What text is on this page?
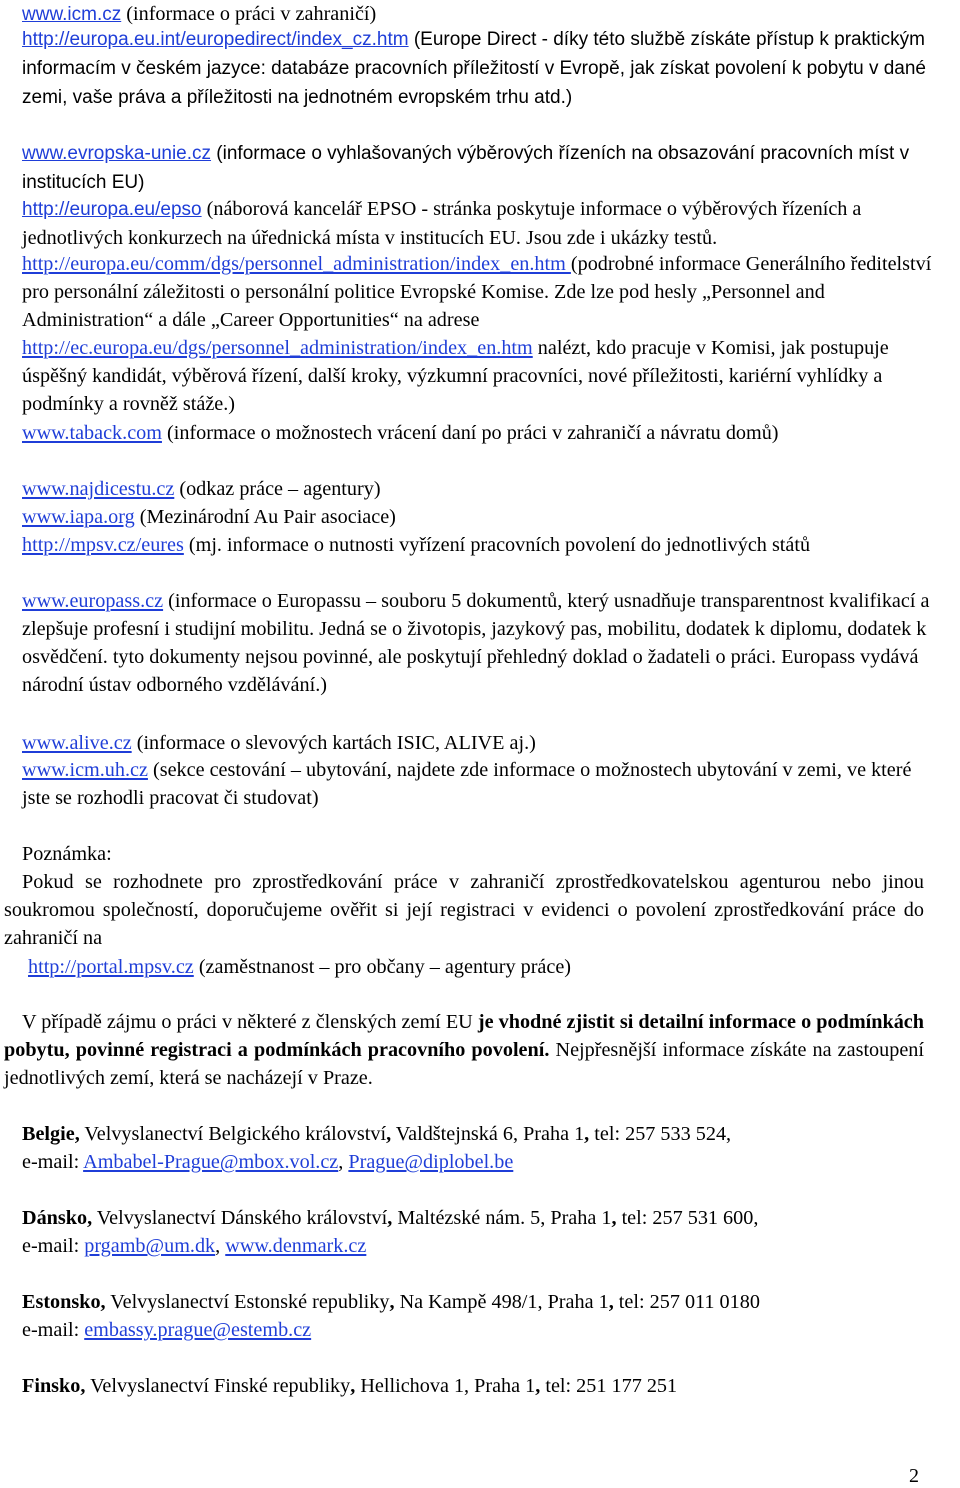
www.icm.cz (informace o práci v zahraničí)
http://europa.eu.int/europedirect/index_cz.htm (Europe Direct - díky této službě získáte přístup k praktickým informacím v českém jazyce: databáze pracovních příležitostí v Evropě, jak získat povolení k pobytu v dané zemi, vaše práva a příležitosti na jednotném evropském trhu atd.)
www.evropska-unie.cz (informace o vyhlašovaných výběrových řízeních na obsazování pracovních míst v institucích EU)
http://europa.eu/epso (náborová kancelář EPSO - stránka poskytuje informace o výběrových řízeních a jednotlivých konkurzech na úřednická místa v institucích EU. Jsou zde i ukázky testů.
http://europa.eu/comm/dgs/personnel_administration/index_en.htm (podrobné informace Generálního ředitelství pro personální záležitosti o personální politice Evropské Komise. Zde lze pod hesly „Personnel and Administration“ a dále „Career Opportunities“ na adrese http://ec.europa.eu/dgs/personnel_administration/index_en.htm nalézt, kdo pracuje v Komisi, jak postupuje úspěšný kandidát, výběrová řízení, další kroky, výzkumní pracovníci, nové příležitosti, kariérní vyhlídky a podmínky a rovněž stáže.)
www.taback.com (informace o možnostech vrácení daní po práci v zahraničí a návratu domů)
www.najdicestu.cz (odkaz práce – agentury)
www.iapa.org (Mezinárodní Au Pair asociace)
http://mpsv.cz/eures (mj. informace o nutnosti vyřízení pracovních povolení do jednotlivých států
www.europass.cz (informace o Europassu – souboru 5 dokumentů, který usnadňuje transparentnost kvalifikací a zlepšuje profesní i studijní mobilitu. Jedná se o životopis, jazykový pas, mobilitu, dodatek k diplomu, dodatek k osvědčení. tyto dokumenty nejsou povinné, ale poskytují přehledný doklad o žadateli o práci. Europass vydává národní ústav odborného vzdělávání.)
www.alive.cz (informace o slevových kartách ISIC, ALIVE aj.)
www.icm.uh.cz (sekce cestování – ubytování, najdete zde informace o možnostech ubytování v zemi, ve které jste se rozhodli pracovat či studovat)
Poznámka:
Pokud se rozhodnete pro zprostředkování práce v zahraničí zprostředkovatelskou agenturou nebo jinou soukromou společností, doporučujeme ověřit si její registraci v evidenci o povolení zprostředkování práce do zahraničí na
http://portal.mpsv.cz (zaměstnanost – pro občany – agentury práce)
V případě zájmu o práci v některé z členských zemí EU je vhodné zjistit si detailní informace o podmínkách pobytu, povinné registraci a podmínkách pracovního povolení. Nejpřesnější informace získáte na zastoupení jednotlivých zemí, která se nacházejí v Praze.
Belgie, Velvyslanectví Belgického království, Valdštejnská 6, Praha 1, tel: 257 533 524,
e-mail: Ambabel-Prague@mbox.vol.cz, Prague@diplobel.be
Dánsko, Velvyslanectví Dánského království, Maltézské nám. 5, Praha 1, tel: 257 531 600,
e-mail: prgamb@um.dk, www.denmark.cz
Estonsko, Velvyslanectví Estonské republiky, Na Kampě 498/1, Praha 1, tel: 257 011 0180
e-mail: embassy.prague@estemb.cz
Finsko, Velvyslanectví Finské republiky, Hellichova 1, Praha 1, tel: 251 177 251
2
